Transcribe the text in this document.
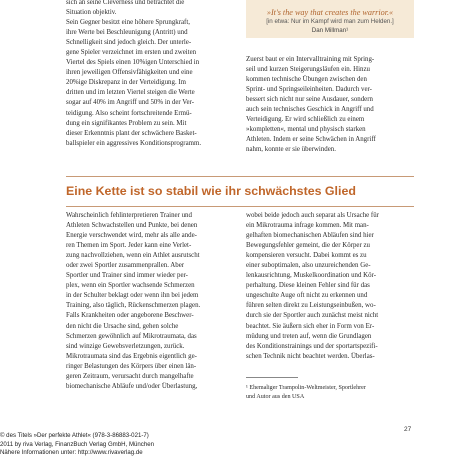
sich an seine Cleverness und betrachtet die
Situation objektiv.
Sein Gegner besitzt eine höhere Sprungkraft,
ihre Werte bei Beschleunigung (Antritt) und
Schnelligkeit sind jedoch gleich. Der unterle-
gene Spieler verzeichnet im ersten und zweiten
Viertel des Spiels einen 10%igen Unterschied in
ihren jeweiligen Offensivfähigkeiten und eine
20%ige Diskrepanz in der Verteidigung. Im
dritten und im letzten Viertel steigen die Werte
sogar auf 40% im Angriff und 50% in der Ver-
teidigung. Also scheint fortschreitende Ermü-
dung ein signifikantes Problem zu sein. Mit
dieser Erkenntnis plant der schwächere Basket-
ballspieler ein aggressives Konditionsprogramm.
»It's the way that creates the warrior.«
[in etwa: Nur im Kampf wird man zum Helden.]
Dan Millman¹
Zuerst baut er ein Intervalltraining mit Spring-
seil und kurzen Steigerungsläufen ein. Hinzu
kommen technische Übungen zwischen den
Sprint- und Springseileinheiten. Dadurch ver-
bessert sich nicht nur seine Ausdauer, sondern
auch sein technisches Geschick in Angriff und
Verteidigung. Er wird schließlich zu einem
»kompletten«, mental und physisch starken
Athleten. Indem er seine Schwächen in Angriff
nahm, konnte er sie überwinden.
Eine Kette ist so stabil wie ihr schwächstes Glied
Wahrscheinlich fehlinterpretieren Trainer und
Athleten Schwachstellen und Punkte, bei denen
Energie verschwendet wird, mehr als alle ande-
ren Themen im Sport. Jeder kann eine Verlet-
zung nachvollziehen, wenn ein Athlet ausrutscht
oder zwei Sportler zusammenprallen. Aber
Sportler und Trainer sind immer wieder per-
plex, wenn ein Sportler wachsende Schmerzen
in der Schulter beklagt oder wenn ihn bei jedem
Training, also täglich, Rückenschmerzen plagen.
Falls Krankheiten oder angeborene Beschwer-
den nicht die Ursache sind, gehen solche
Schmerzen gewöhnlich auf Mikrotraumata, das
sind winzige Gewebsverletzungen, zurück.
Mikrotraumata sind das Ergebnis eigentlich ge-
ringer Belastungen des Körpers über einen län-
geren Zeitraum, verursacht durch mangelhafte
biomechanische Abläufe und/oder Überlastung,
wobei beide jedoch auch separat als Ursache für
ein Mikrotrauma infrage kommen. Mit man-
gelhaften biomechanischen Abläufen sind hier
Bewegungsfehler gemeint, die der Körper zu
kompensieren versucht. Dabei kommt es zu
einer suboptimalen, also unzureichenden Ge-
lenkausrichtung, Muskelkoordination und Kör-
perhaltung. Diese kleinen Fehler sind für das
ungeschulte Auge oft nicht zu erkennen und
führen selten direkt zu Leistungseinbußen, wo-
durch sie der Sportler auch zunächst meist nicht
beachtet. Sie äußern sich eher in Form von Er-
müdung und treten auf, wenn die Grundlagen
des Konditionstrainings und der sportartspezifi-
schen Technik nicht beachtet werden. Überlas-
¹ Ehemaliger Trampolin-Weltmeister, Sportlehrer
und Autor aus den USA
27
© des Titels »Der perfekte Athlet« (978-3-86883-021-7)
2011 by riva Verlag, FinanzBuch Verlag GmbH, München
Nähere Informationen unter: http://www.rivaverlag.de
